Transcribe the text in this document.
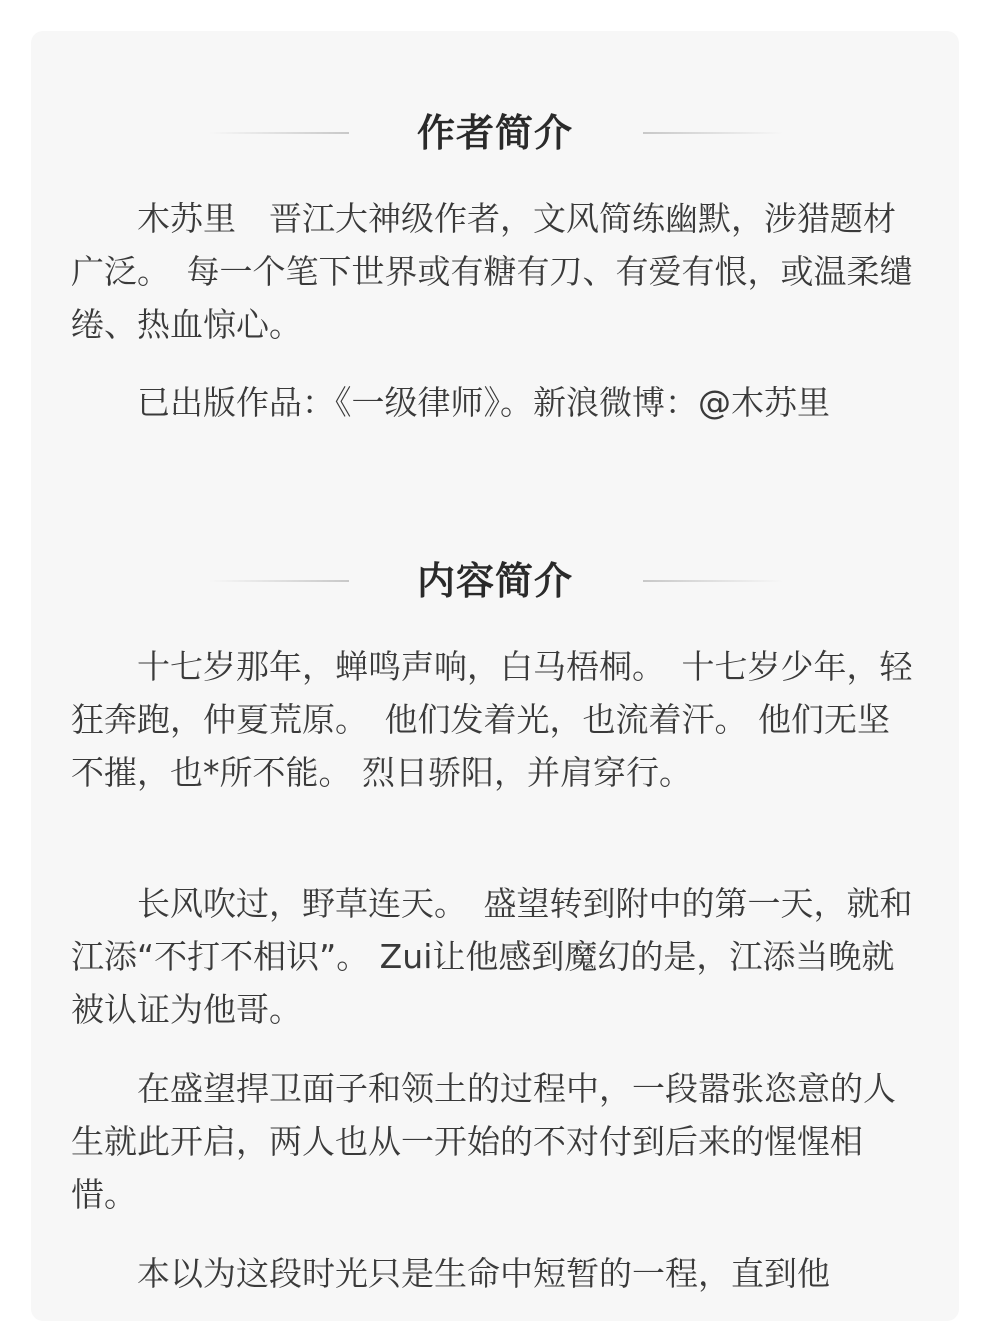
作者简介

木苏里　晋江大神级作者，文风简练幽默，涉猎题材广泛。　每一个笔下世界或有糖有刀、有爱有恨，或温柔缱绻、热血惊心。

已出版作品：《一级律师》。新浪微博：@木苏里

内容简介

十七岁那年，蝉鸣声响，白马梧桐。　十七岁少年，轻狂奔跑，仲夏荒原。　他们发着光，也流着汗。 他们无坚不摧，也*所不能。 烈日骄阳，并肩穿行。

长风吹过，野草连天。　盛望转到附中的第一天，就和江添“不打不相识”。 Zui让他感到魔幻的是，江添当晚就被认证为他哥。

在盛望捍卫面子和领土的过程中，一段嚣张恣意的人生就此开启，两人也从一开始的不对付到后来的惺惺相惜。

本以为这段时光只是生命中短暂的一程，直到他
